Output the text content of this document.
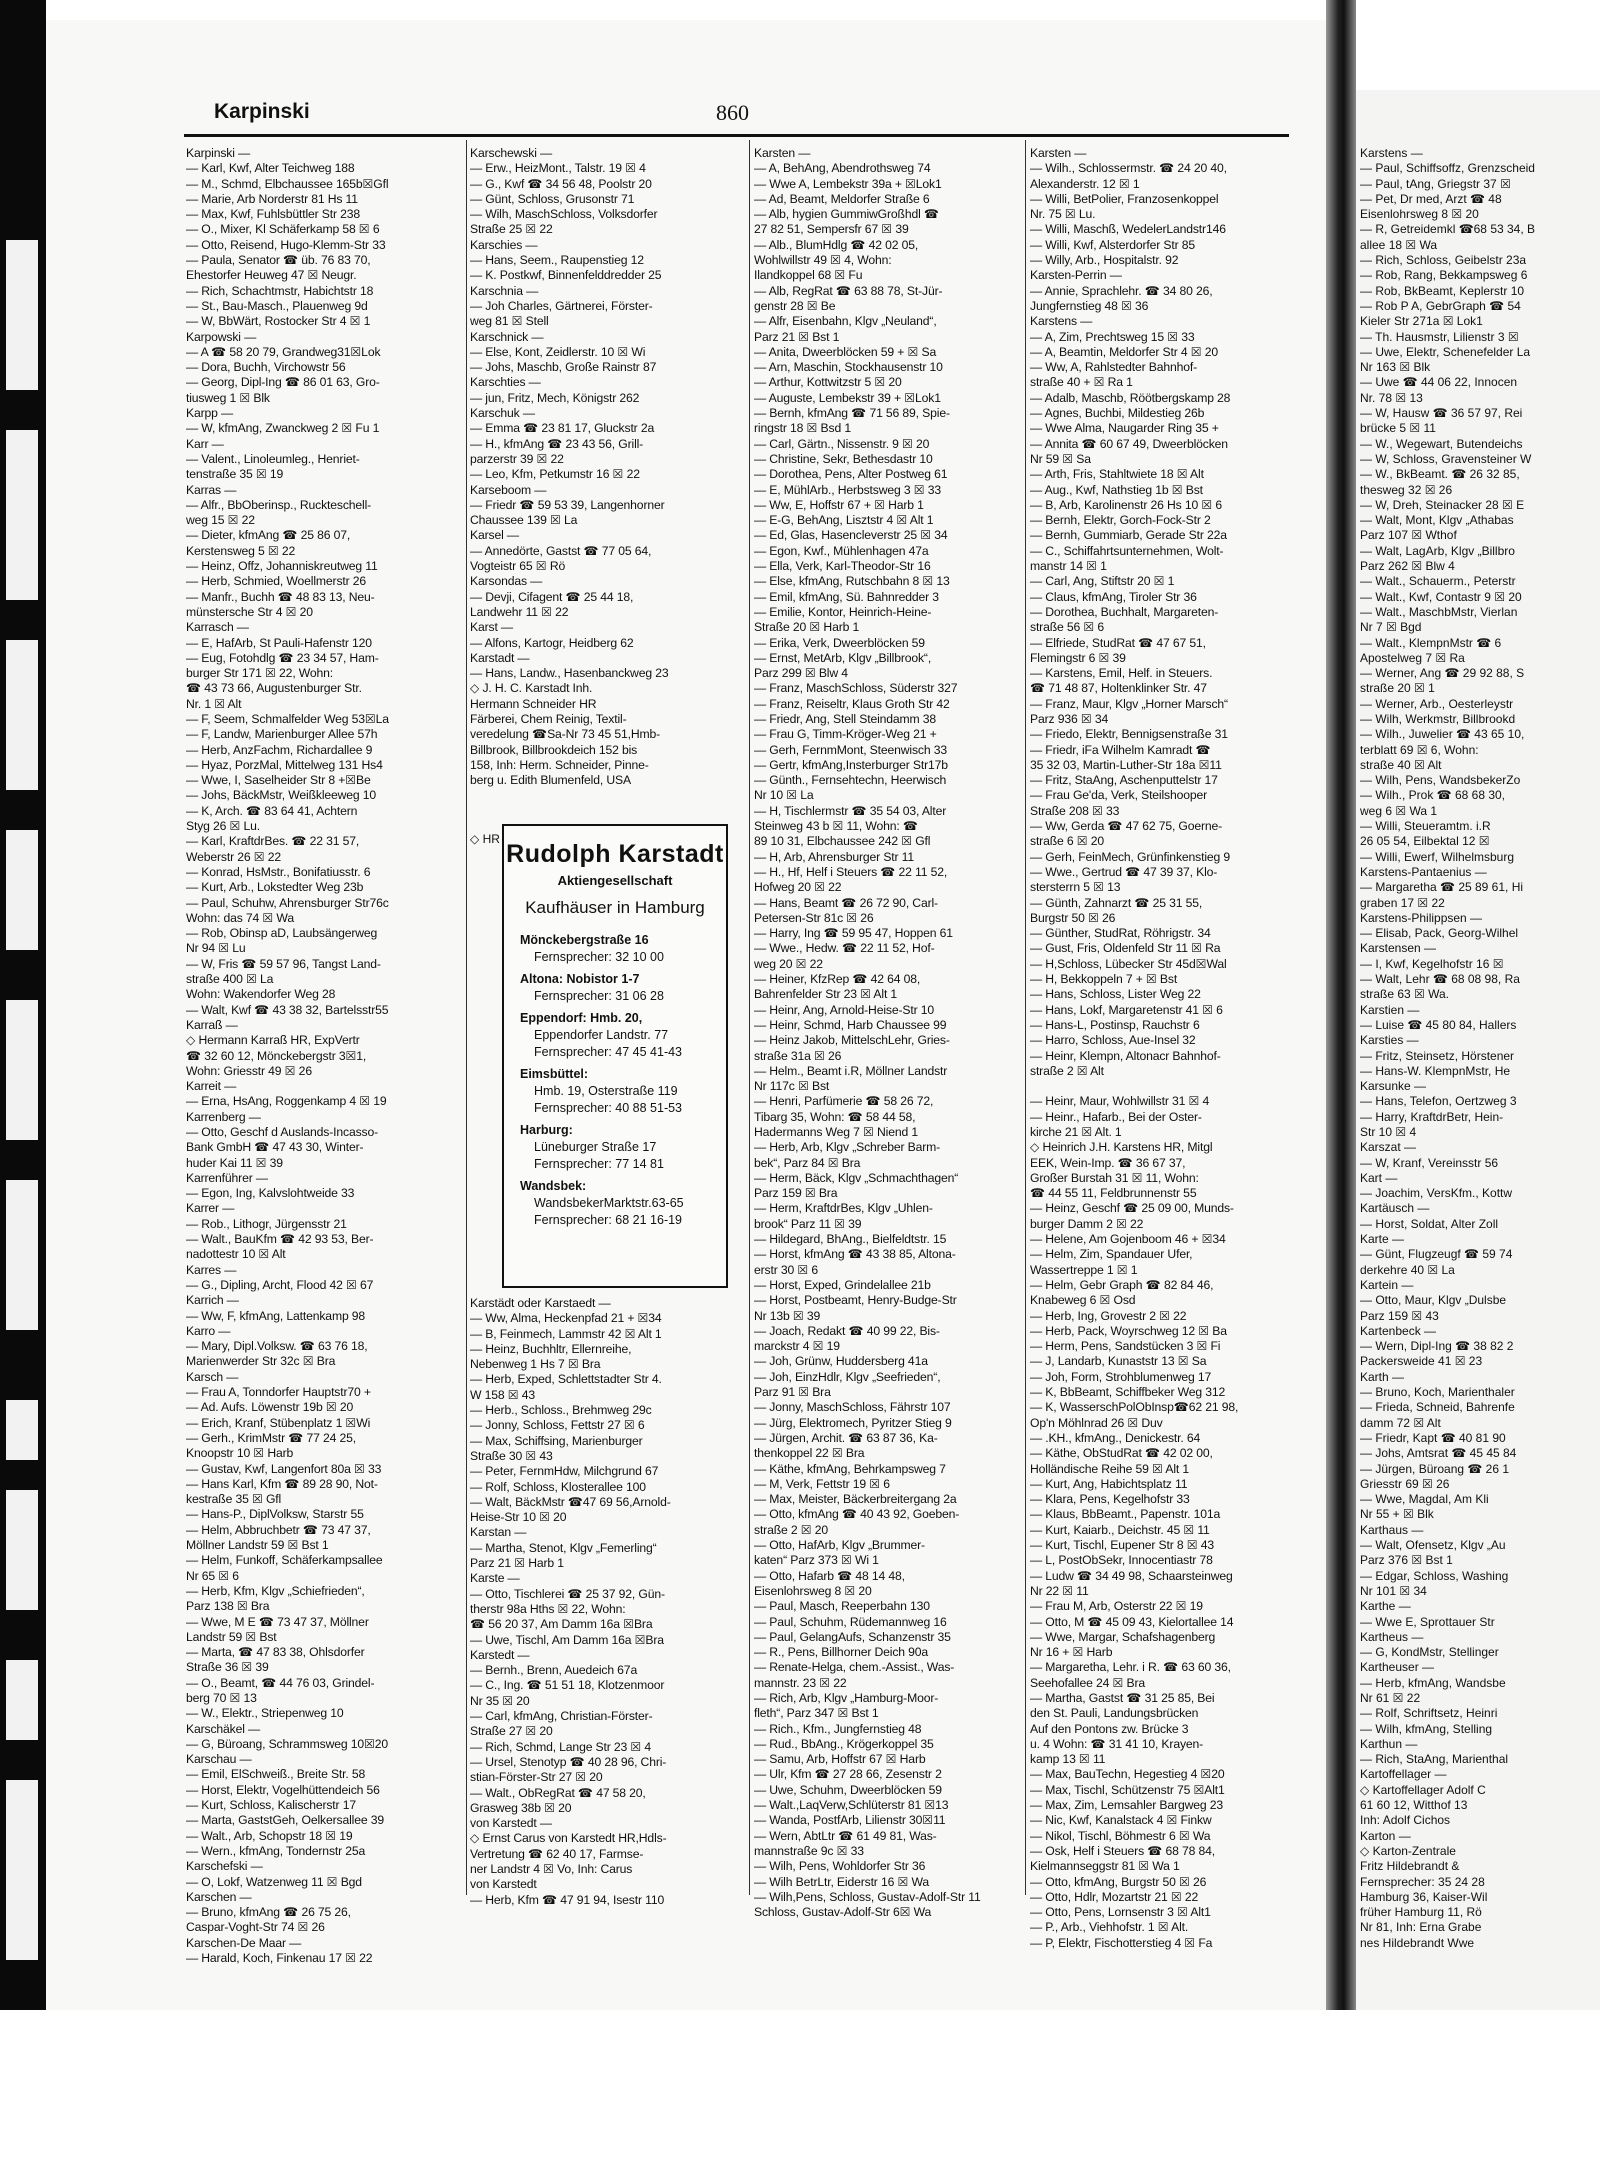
Karpinski	860
Karpinski —
— Karl, Kwf, Alter Teichweg 188
— M., Schmd, Elbchaussee 165b☒Gfl
— Marie, Arb Norderstr 81 Hs 11
— Max, Kwf, Fuhlsbüttler Str 238
— O., Mixer, Kl Schäferkamp 58 ☒ 6
— Otto, Reisend, Hugo-Klemm-Str 33
— Paula, Senator ☎ üb. 76 83 70,
Ehestorfer Heuweg 47 ☒ Neugr.
— Rich, Schachtmstr, Habichtstr 18
— St., Bau-Masch., Plauenweg 9d
— W, BbWärt, Rostocker Str 4 ☒ 1
Karpowski —
— A ☎ 58 20 79, Grandweg31☒Lok
— Dora, Buchh, Virchowstr 56
— Georg, Dipl-Ing ☎ 86 01 63, Gro-
tiusweg 1 ☒ Blk
Karpp —
— W, kfmAng, Zwanckweg 2 ☒ Fu 1
Karr —
— Valent., Linoleumleg., Henriet-
tenstraße 35 ☒ 19
Karras —
— Alfr., BbOberinsp., Ruckteschell-
weg 15 ☒ 22
— Dieter, kfmAng ☎ 25 86 07,
Kerstensweg 5 ☒ 22
— Heinz, Offz, Johanniskreutweg 11
— Herb, Schmied, Woellmerstr 26
— Manfr., Buchh ☎ 48 83 13, Neu-
münstersche Str 4 ☒ 20
Karrasch —
— E, HafArb, St Pauli-Hafenstr 120
— Eug, Fotohdlg ☎ 23 34 57, Ham-
burger Str 171 ☒ 22, Wohn:
☎ 43 73 66, Augustenburger Str.
Nr. 1 ☒ Alt
— F, Seem, Schmalfelder Weg 53☒La
— F, Landw, Marienburger Allee 57h
— Herb, AnzFachm, Richardallee 9
— Hyaz, PorzMal, Mittelweg 131 Hs4
— Wwe, I, Saselheider Str 8 +☒Be
— Johs, BäckMstr, Weißkleeweg 10
— K, Arch. ☎ 83 64 41, Achtern
Styg 26 ☒ Lu.
— Karl, KraftdrBes. ☎ 22 31 57,
Weberstr 26 ☒ 22
— Konrad, HsMstr., Bonifatiusstr. 6
— Kurt, Arb., Lokstedter Weg 23b
— Paul, Schuhw, Ahrensburger Str76c
Wohn: das 74 ☒ Wa
— Rob, Obinsp aD, Laubsängerweg
Nr 94 ☒ Lu
— W, Fris ☎ 59 57 96, Tangst Land-
straße 400 ☒ La
Wohn: Wakendorfer Weg 28
— Walt, Kwf ☎ 43 38 32, Bartelsstr55
Karraß —
◇ Hermann Karraß HR, ExpVertr
☎ 32 60 12, Mönckebergstr 3☒1,
Wohn: Griesstr 49 ☒ 26
Karreit —
— Erna, HsAng, Roggenkamp 4 ☒ 19
Karrenberg —
— Otto, Geschf d Auslands-Incasso-
Bank GmbH ☎ 47 43 30, Winter-
huder Kai 11 ☒ 39
Karrenführer —
— Egon, Ing, Kalvslohtweide 33
Karrer —
— Rob., Lithogr, Jürgensstr 21
— Walt., BauKfm ☎ 42 93 53, Ber-
nadottestr 10 ☒ Alt
Karres —
— G., Dipling, Archt, Flood 42 ☒ 67
Karrich —
— Ww, F, kfmAng, Lattenkamp 98
Karro —
— Mary, Dipl.Volksw. ☎ 63 76 18,
Marienwerder Str 32c ☒ Bra
Karsch —
— Frau A, Tonndorfer Hauptstr70 +
— Ad. Aufs. Löwenstr 19b ☒ 20
— Erich, Kranf, Stübenplatz 1 ☒Wi
— Gerh., KrimMstr ☎ 77 24 25,
Knoopstr 10 ☒ Harb
— Gustav, Kwf, Langenfort 80a ☒ 33
— Hans Karl, Kfm ☎ 89 28 90, Not-
kestraße 35 ☒ Gfl
— Hans-P., DiplVolksw, Starstr 55
— Helm, Abbruchbetr ☎ 73 47 37,
Möllner Landstr 59 ☒ Bst 1
— Helm, Funkoff, Schäferkampsallee
Nr 65 ☒ 6
— Herb, Kfm, Klgv „Schiefrieden“,
Parz 138 ☒ Bra
— Wwe, M E ☎ 73 47 37, Möllner
Landstr 59 ☒ Bst
— Marta, ☎ 47 83 38, Ohlsdorfer
Straße 36 ☒ 39
— O., Beamt, ☎ 44 76 03, Grindel-
berg 70 ☒ 13
— W., Elektr., Striepenweg 10
Karschäkel —
— G, Büroang, Schrammsweg 10☒20
Karschau —
— Emil, ElSchweiß., Breite Str. 58
— Horst, Elektr, Vogelhüttendeich 56
— Kurt, Schloss, Kalischerstr 17
— Marta, GaststGeh, Oelkersallee 39
— Walt., Arb, Schopstr 18 ☒ 19
— Wern., kfmAng, Tondernstr 25a
Karschefski —
— O, Lokf, Watzenweg 11 ☒ Bgd
Karschen —
— Bruno, kfmAng ☎ 26 75 26,
Caspar-Voght-Str 74 ☒ 26
Karschen-De Maar —
— Harald, Koch, Finkenau 17 ☒ 22
Karschewski —
— Erw., HeizMont., Talstr. 19 ☒ 4
— G., Kwf ☎ 34 56 48, Poolstr 20
— Günt, Schloss, Grusonstr 71
— Wilh, MaschSchloss, Volksdorfer
Straße 25 ☒ 22
Karschies —
— Hans, Seem., Raupenstieg 12
— K. Postkwf, Binnenfelddredder 25
Karschnia —
— Joh Charles, Gärtnerei, Förster-
weg 81 ☒ Stell
Karschnick —
— Else, Kont, Zeidlerstr. 10 ☒ Wi
— Johs, Maschb, Große Rainstr 87
Karschties —
— jun, Fritz, Mech, Königstr 262
Karschuk —
— Emma ☎ 23 81 17, Gluckstr 2a
— H., kfmAng ☎ 23 43 56, Grill-
parzerstr 39 ☒ 22
— Leo, Kfm, Petkumstr 16 ☒ 22
Karseboom —
— Friedr ☎ 59 53 39, Langenhorner
Chaussee 139 ☒ La
Karsel —
— Annedörte, Gastst ☎ 77 05 64,
Vogteistr 65 ☒ Rö
Karsondas —
— Devji, Cifagent ☎ 25 44 18,
Landwehr 11 ☒ 22
Karst —
— Alfons, Kartogr, Heidberg 62
Karstadt —
— Hans, Landw., Hasenbanckweg 23
◇ J. H. C. Karstadt Inh.
Hermann Schneider HR
Färberei, Chem Reinig, Textil-
veredelung ☎Sa-Nr 73 45 51,Hmb-
Billbrook, Billbrookdeich 152 bis
158, Inh: Herm. Schneider, Pinne-
berg u. Edith Blumenfeld, USA
Karstädt oder Karstaedt —
— Ww, Alma, Heckenpfad 21 + ☒34
— B, Feinmech, Lammstr 42 ☒ Alt 1
— Heinz, Buchhltr, Ellernreihe,
Nebenweg 1 Hs 7 ☒ Bra
— Herb, Exped, Schlettstadter Str 4.
W 158 ☒ 43
— Herb., Schloss., Brehmweg 29c
— Jonny, Schloss, Fettstr 27 ☒ 6
— Max, Schiffsing, Marienburger
Straße 30 ☒ 43
— Peter, FernmHdw, Milchgrund 67
— Rolf, Schloss, Klosterallee 100
— Walt, BäckMstr ☎47 69 56,Arnold-
Heise-Str 10 ☒ 20
Karstan —
— Martha, Stenot, Klgv „Femerling“
Parz 21 ☒ Harb 1
Karste —
— Otto, Tischlerei ☎ 25 37 92, Gün-
therstr 98a Hths ☒ 22, Wohn:
☎ 56 20 37, Am Damm 16a ☒Bra
— Uwe, Tischl, Am Damm 16a ☒Bra
Karstedt —
— Bernh., Brenn, Auedeich 67a
— C., Ing. ☎ 51 51 18, Klotzenmoor
Nr 35 ☒ 20
— Carl, kfmAng, Christian-Förster-
Straße 27 ☒ 20
— Rich, Schmd, Lange Str 23 ☒ 4
— Ursel, Stenotyp ☎ 40 28 96, Chri-
stian-Förster-Str 27 ☒ 20
— Walt., ObRegRat ☎ 47 58 20,
Grasweg 38b ☒ 20
von Karstedt —
◇ Ernst Carus von Karstedt HR,Hdls-
Vertretung ☎ 62 40 17, Farmse-
ner Landstr 4 ☒ Vo, Inh: Carus
von Karstedt
— Herb, Kfm ☎ 47 91 94, Isestr 110
Karsten —
— A, BehAng, Abendrothsweg 74
— Wwe A, Lembekstr 39a + ☒Lok1
— Ad, Beamt, Meldorfer Straße 6
— Alb, hygien GummiwGroßhdl ☎
27 82 51, Sempersfr 67 ☒ 39
— Alb., BlumHdlg ☎ 42 02 05,
Wohlwillstr 49 ☒ 4, Wohn:
Ilandkoppel 68 ☒ Fu
— Alb, RegRat ☎ 63 88 78, St-Jür-
genstr 28 ☒ Be
— Alfr, Eisenbahn, Klgv „Neuland“,
Parz 21 ☒ Bst 1
— Anita, Dweerblöcken 59 + ☒ Sa
— Arn, Maschin, Stockhausenstr 10
— Arthur, Kottwitzstr 5 ☒ 20
— Auguste, Lembekstr 39 + ☒Lok1
— Bernh, kfmAng ☎ 71 56 89, Spie-
ringstr 18 ☒ Bsd 1
— Carl, Gärtn., Nissenstr. 9 ☒ 20
— Christine, Sekr, Bethesdastr 10
— Dorothea, Pens, Alter Postweg 61
— E, MühlArb., Herbstsweg 3 ☒ 33
— Ww, E, Hoffstr 67 + ☒ Harb 1
— E-G, BehAng, Lisztstr 4 ☒ Alt 1
— Ed, Glas, Hasencleverstr 25 ☒ 34
— Egon, Kwf., Mühlenhagen 47a
— Ella, Verk, Karl-Theodor-Str 16
— Else, kfmAng, Rutschbahn 8 ☒ 13
— Emil, kfmAng, Sü. Bahnredder 3
— Emilie, Kontor, Heinrich-Heine-
Straße 20 ☒ Harb 1
— Erika, Verk, Dweerblöcken 59
— Ernst, MetArb, Klgv „Billbrook“,
Parz 299 ☒ Blw 4
— Franz, MaschSchloss, Süderstr 327
— Franz, Reiseltr, Klaus Groth Str 42
— Friedr, Ang, Stell Steindamm 38
— Frau G, Timm-Kröger-Weg 21 +
— Gerh, FernmMont, Steenwisch 33
— Gertr, kfmAng,Insterburger Str17b
— Günth., Fernsehtechn, Heerwisch
Nr 10 ☒ La
— H, Tischlermstr ☎ 35 54 03, Alter
Steinweg 43 b ☒ 11, Wohn: ☎
89 10 31, Elbchaussee 242 ☒ Gfl
— H, Arb, Ahrensburger Str 11
— H., Hf, Helf i Steuers ☎ 22 11 52,
Hofweg 20 ☒ 22
— Hans, Beamt ☎ 26 72 90, Carl-
Petersen-Str 81c ☒ 26
— Harry, Ing ☎ 59 95 47, Hoppen 61
— Wwe., Hedw. ☎ 22 11 52, Hof-
weg 20 ☒ 22
— Heiner, KfzRep ☎ 42 64 08,
Bahrenfelder Str 23 ☒ Alt 1
— Heinr, Ang, Arnold-Heise-Str 10
— Heinr, Schmd, Harb Chaussee 99
— Heinz Jakob, MittelschLehr, Gries-
straße 31a ☒ 26
— Helm., Beamt i.R, Möllner Landstr
Nr 117c ☒ Bst
— Henri, Parfümerie ☎ 58 26 72,
Tibarg 35, Wohn: ☎ 58 44 58,
Hadermanns Weg 7 ☒ Niend 1
— Herb, Arb, Klgv „Schreber Barm-
bek“, Parz 84 ☒ Bra
— Herm, Bäck, Klgv „Schmachthagen“
Parz 159 ☒ Bra
— Herm, KraftdrBes, Klgv „Uhlen-
brook“ Parz 11 ☒ 39
— Hildegard, BhAng., Bielfeldtstr. 15
— Horst, kfmAng ☎ 43 38 85, Altona-
erstr 30 ☒ 6
— Horst, Exped, Grindelallee 21b
— Horst, Postbeamt, Henry-Budge-Str
Nr 13b ☒ 39
— Joach, Redakt ☎ 40 99 22, Bis-
marckstr 4 ☒ 19
— Joh, Grünw, Huddersberg 41a
— Joh, EinzHdlr, Klgv „Seefrieden“,
Parz 91 ☒ Bra
— Jonny, MaschSchloss, Fährstr 107
— Jürg, Elektromech, Pyritzer Stieg 9
— Jürgen, Archit. ☎ 63 87 36, Ka-
thenkoppel 22 ☒ Bra
— Käthe, kfmAng, Behrkampsweg 7
— M, Verk, Fettstr 19 ☒ 6
— Max, Meister, Bäckerbreitergang 2a
— Otto, kfmAng ☎ 40 43 92, Goeben-
straße 2 ☒ 20
— Otto, HafArb, Klgv „Brummer-
katen“ Parz 373 ☒ Wi 1
— Otto, Hafarb ☎ 48 14 48,
Eisenlohrsweg 8 ☒ 20
— Paul, Masch, Reeperbahn 130
— Paul, Schuhm, Rüdemannweg 16
— Paul, GelangAufs, Schanzenstr 35
— R., Pens, Billhorner Deich 90a
— Renate-Helga, chem.-Assist., Was-
mannstr. 23 ☒ 22
— Rich, Arb, Klgv „Hamburg-Moor-
fleth“, Parz 347 ☒ Bst 1
— Rich., Kfm., Jungfernstieg 48
— Rud., BbAng., Krögerkoppel 35
— Samu, Arb, Hoffstr 67 ☒ Harb
— Ulr, Kfm ☎ 27 28 66, Zesenstr 2
— Uwe, Schuhm, Dweerblöcken 59
— Walt.,LaqVerw,Schlüterstr 81 ☒13
— Wanda, PostfArb, Lilienstr 30☒11
— Wern, AbtLtr ☎ 61 49 81, Was-
mannstraße 9c ☒ 33
— Wilh, Pens, Wohldorfer Str 36
— Wilh BetrLtr, Eiderstr 16 ☒ Wa
— Wilh,Pens, Schloss, Gustav-Adolf-Str 11
Schloss, Gustav-Adolf-Str 6☒ Wa
Karsten —
— Wilh., Schlossermstr. ☎ 24 20 40,
Alexanderstr. 12 ☒ 1
— Willi, BetPolier, Franzosenkoppel
Nr. 75 ☒ Lu.
— Willi, Maschß, WedelerLandstr146
— Willi, Kwf, Alsterdorfer Str 85
— Willy, Arb., Hospitalstr. 92
Karsten-Perrin —
— Annie, Sprachlehr. ☎ 34 80 26,
Jungfernstieg 48 ☒ 36
Karstens —
— A, Zim, Prechtsweg 15 ☒ 33
— A, Beamtin, Meldorfer Str 4 ☒ 20
— Ww, A, Rahlstedter Bahnhof-
straße 40 + ☒ Ra 1
— Adalb, Maschb, Röötbergskamp 28
— Agnes, Buchbi, Mildestieg 26b
— Wwe Alma, Naugarder Ring 35 +
— Annita ☎ 60 67 49, Dweerblöcken
Nr 59 ☒ Sa
— Arth, Fris, Stahltwiete 18 ☒ Alt
— Aug., Kwf, Nathstieg 1b ☒ Bst
— B, Arb, Karolinenstr 26 Hs 10 ☒ 6
— Bernh, Elektr, Gorch-Fock-Str 2
— Bernh, Gummiarb, Gerade Str 22a
— C., Schiffahrtsunternehmen, Wolt-
manstr 14 ☒ 1
— Carl, Ang, Stiftstr 20 ☒ 1
— Claus, kfmAng, Tiroler Str 36
— Dorothea, Buchhalt, Margareten-
straße 56 ☒ 6
— Elfriede, StudRat ☎ 47 67 51,
Flemingstr 6 ☒ 39
— Karstens, Emil, Helf. in Steuers.
☎ 71 48 87, Holtenklinker Str. 47
— Franz, Maur, Klgv „Horner Marsch“
Parz 936 ☒ 34
— Friedo, Elektr, Bennigsenstraße 31
— Friedr, iFa Wilhelm Kamradt ☎
35 32 03, Martin-Luther-Str 18a ☒11
— Fritz, StaAng, Aschenputtelstr 17
— Frau Ge'da, Verk, Steilshooper
Straße 208 ☒ 33
— Ww, Gerda ☎ 47 62 75, Goerne-
straße 6 ☒ 20
— Gerh, FeinMech, Grünfinkenstieg 9
— Wwe., Gertrud ☎ 47 39 37, Klo-
stersterrn 5 ☒ 13
— Günth, Zahnarzt ☎ 25 31 55,
Burgstr 50 ☒ 26
— Günther, StudRat, Röhrigstr. 34
— Gust, Fris, Oldenfeld Str 11 ☒ Ra
— H,Schloss, Lübecker Str 45d☒Wal
— H, Bekkoppeln 7 + ☒ Bst
— Hans, Schloss, Lister Weg 22
— Hans, Lokf, Margaretenstr 41 ☒ 6
— Hans-L, Postinsp, Rauchstr 6
— Harro, Schloss, Aue-Insel 32
— Heinr, Klempn, Altonacr Bahnhof-
straße 2 ☒ Alt
— Heinr, Maur, Wohlwillstr 31 ☒ 4
— Heinr., Hafarb., Bei der Oster-
kirche 21 ☒ Alt. 1
◇ Heinrich J.H. Karstens HR, Mitgl
EEK, Wein-Imp. ☎ 36 67 37,
Großer Burstah 31 ☒ 11, Wohn:
☎ 44 55 11, Feldbrunnenstr 55
— Heinz, Geschf ☎ 25 09 00, Munds-
burger Damm 2 ☒ 22
— Helene, Am Gojenboom 46 + ☒34
— Helm, Zim, Spandauer Ufer,
Wassertreppe 1 ☒ 1
— Helm, Gebr Graph ☎ 82 84 46,
Knabeweg 6 ☒ Osd
— Herb, Ing, Grovestr 2 ☒ 22
— Herb, Pack, Woyrschweg 12 ☒ Ba
— Herm, Pens, Sandstücken 3 ☒ Fi
— J, Landarb, Kunaststr 13 ☒ Sa
— Joh, Form, Strohblumenweg 17
— K, BbBeamt, Schiffbeker Weg 312
— K, WasserschPolObInsp☎62 21 98,
Op'n Möhlnrad 26 ☒ Duv
— .KH., kfmAng., Denickestr. 64
— Käthe, ObStudRat ☎ 42 02 00,
Holländische Reihe 59 ☒ Alt 1
— Kurt, Ang, Habichtsplatz 11
— Klara, Pens, Kegelhofstr 33
— Klaus, BbBeamt., Papenstr. 101a
— Kurt, Kaiarb., Deichstr. 45 ☒ 11
— Kurt, Tischl, Eupener Str 8 ☒ 43
— L, PostObSekr, Innocentiastr 78
— Ludw ☎ 34 49 98, Schaarsteinweg
Nr 22 ☒ 11
— Frau M, Arb, Osterstr 22 ☒ 19
— Otto, M ☎ 45 09 43, Kielortallee 14
— Wwe, Margar, Schafshagenberg
Nr 16 + ☒ Harb
— Margaretha, Lehr. i R. ☎ 63 60 36,
Seehofallee 24 ☒ Bra
— Martha, Gastst ☎ 31 25 85, Bei
den St. Pauli, Landungsbrücken
Auf den Pontons zw. Brücke 3
u. 4 Wohn: ☎ 31 41 10, Krayen-
kamp 13 ☒ 11
— Max, BauTechn, Hegestieg 4 ☒20
— Max, Tischl, Schützenstr 75 ☒Alt1
— Max, Zim, Lemsahler Bargweg 23
— Nic, Kwf, Kanalstack 4 ☒ Finkw
— Nikol, Tischl, Böhmestr 6 ☒ Wa
— Osk, Helf i Steuers ☎ 68 78 84,
Kielmannseggstr 81 ☒ Wa 1
— Otto, kfmAng, Burgstr 50 ☒ 26
— Otto, Hdlr, Mozartstr 21 ☒ 22
— Otto, Pens, Lornsenstr 3 ☒ Alt1
— P., Arb., Viehhofstr. 1 ☒ Alt.
— P, Elektr, Fischotterstieg 4 ☒ Fa
◇ HR
Rudolph Karstadt
Aktiengesellschaft
Kaufhäuser in Hamburg
Mönckebergstraße 16
Fernsprecher: 32 10 00
Altona: Nobistor 1-7
Fernsprecher: 31 06 28
Eppendorf: Hmb. 20,
Eppendorfer Landstr. 77
Fernsprecher: 47 45 41-43
Eimsbüttel:
Hmb. 19, Osterstraße 119
Fernsprecher: 40 88 51-53
Harburg:
Lüneburger Straße 17
Fernsprecher: 77 14 81
Wandsbek:
WandsbekerMarktstr.63-65
Fernsprecher: 68 21 16-19
Karstens —
— Paul, Schiffsoffz, Grenzscheid
— Paul, tAng, Griegstr 37 ☒
— Pet, Dr med, Arzt ☎ 48
Eisenlohrsweg 8 ☒ 20
— R, Getreidemkl ☎68 53 34, B
allee 18 ☒ Wa
— Rich, Schloss, Geibelstr 23a
— Rob, Rang, Bekkampsweg 6
— Rob, BkBeamt, Keplerstr 10
— Rob P A, GebrGraph ☎ 54
Kieler Str 271a ☒ Lok1
— Th. Hausmstr, Lilienstr 3 ☒
— Uwe, Elektr, Schenefelder La
Nr 163 ☒ Blk
— Uwe ☎ 44 06 22, Innocen
Nr. 78 ☒ 13
— W, Hausw ☎ 36 57 97, Rei
brücke 5 ☒ 11
— W., Wegewart, Butendeichs
— W, Schloss, Gravensteiner W
— W., BkBeamt. ☎ 26 32 85,
thesweg 32 ☒ 26
— W, Dreh, Steinacker 28 ☒ E
— Walt, Mont, Klgv „Athabas
Parz 107 ☒ Wthof
— Walt, LagArb, Klgv „Billbro
Parz 262 ☒ Blw 4
— Walt., Schauerm., Peterstr
— Walt., Kwf, Contastr 9 ☒ 20
— Walt., MaschbMstr, Vierlan
Nr 7 ☒ Bgd
— Walt., KlempnMstr ☎ 6
Apostelweg 7 ☒ Ra
— Werner, Ang ☎ 29 92 88, S
straße 20 ☒ 1
— Werner, Arb., Oesterleystr
— Wilh, Werkmstr, Billbrookd
— Wilh., Juwelier ☎ 43 65 10,
terblatt 69 ☒ 6, Wohn:
straße 40 ☒ Alt
— Wilh, Pens, WandsbekerZo
— Wilh., Prok ☎ 68 68 30,
weg 6 ☒ Wa 1
— Willi, Steueramtm. i.R
26 05 54, Eilbektal 12 ☒
— Willi, Ewerf, Wilhelmsburg
Karstens-Pantaenius —
— Margaretha ☎ 25 89 61, Hi
graben 17 ☒ 22
Karstens-Philippsen —
— Elisab, Pack, Georg-Wilhel
Karstensen —
— I, Kwf, Kegelhofstr 16 ☒
— Walt, Lehr ☎ 68 08 98, Ra
straße 63 ☒ Wa.
Karstien —
— Luise ☎ 45 80 84, Hallers
Karsties —
— Fritz, Steinsetz, Hörstener
— Hans-W. KlempnMstr, He
Karsunke —
— Hans, Telefon, Oertzweg 3
— Harry, KraftdrBetr, Hein-
Str 10 ☒ 4
Karszat —
— W, Kranf, Vereinsstr 56
Kart —
— Joachim, VersKfm., Kottw
Kartäusch —
— Horst, Soldat, Alter Zoll
Karte —
— Günt, Flugzeugf ☎ 59 74
derkehre 40 ☒ La
Kartein —
— Otto, Maur, Klgv „Dulsbe
Parz 159 ☒ 43
Kartenbeck —
— Wern, Dipl-Ing ☎ 38 82 2
Packersweide 41 ☒ 23
Karth —
— Bruno, Koch, Marienthaler
— Frieda, Schneid, Bahrenfe
damm 72 ☒ Alt
— Friedr, Kapt ☎ 40 81 90
— Johs, Amtsrat ☎ 45 45 84
— Jürgen, Büroang ☎ 26 1
Griesstr 69 ☒ 26
— Wwe, Magdal, Am Kli
Nr 55 + ☒ Blk
Karthaus —
— Walt, Ofensetz, Klgv „Au
Parz 376 ☒ Bst 1
— Edgar, Schloss, Washing
Nr 101 ☒ 34
Karthe —
— Wwe E, Sprottauer Str
Kartheus —
— G, KondMstr, Stellinger
Kartheuser —
— Herb, kfmAng, Wandsbe
Nr 61 ☒ 22
— Rolf, Schriftsetz, Heinri
— Wilh, kfmAng, Stelling
Karthun —
— Rich, StaAng, Marienthal
Kartoffellager —
◇ Kartoffellager Adolf C
61 60 12, Witthof 13
Inh: Adolf Cichos
Karton —
◇ Karton-Zentrale
Fritz Hildebrandt &
Fernsprecher: 35 24 28
Hamburg 36, Kaiser-Wil
früher Hamburg 11, Rö
Nr 81, Inh: Erna Grabe
nes Hildebrandt Wwe
